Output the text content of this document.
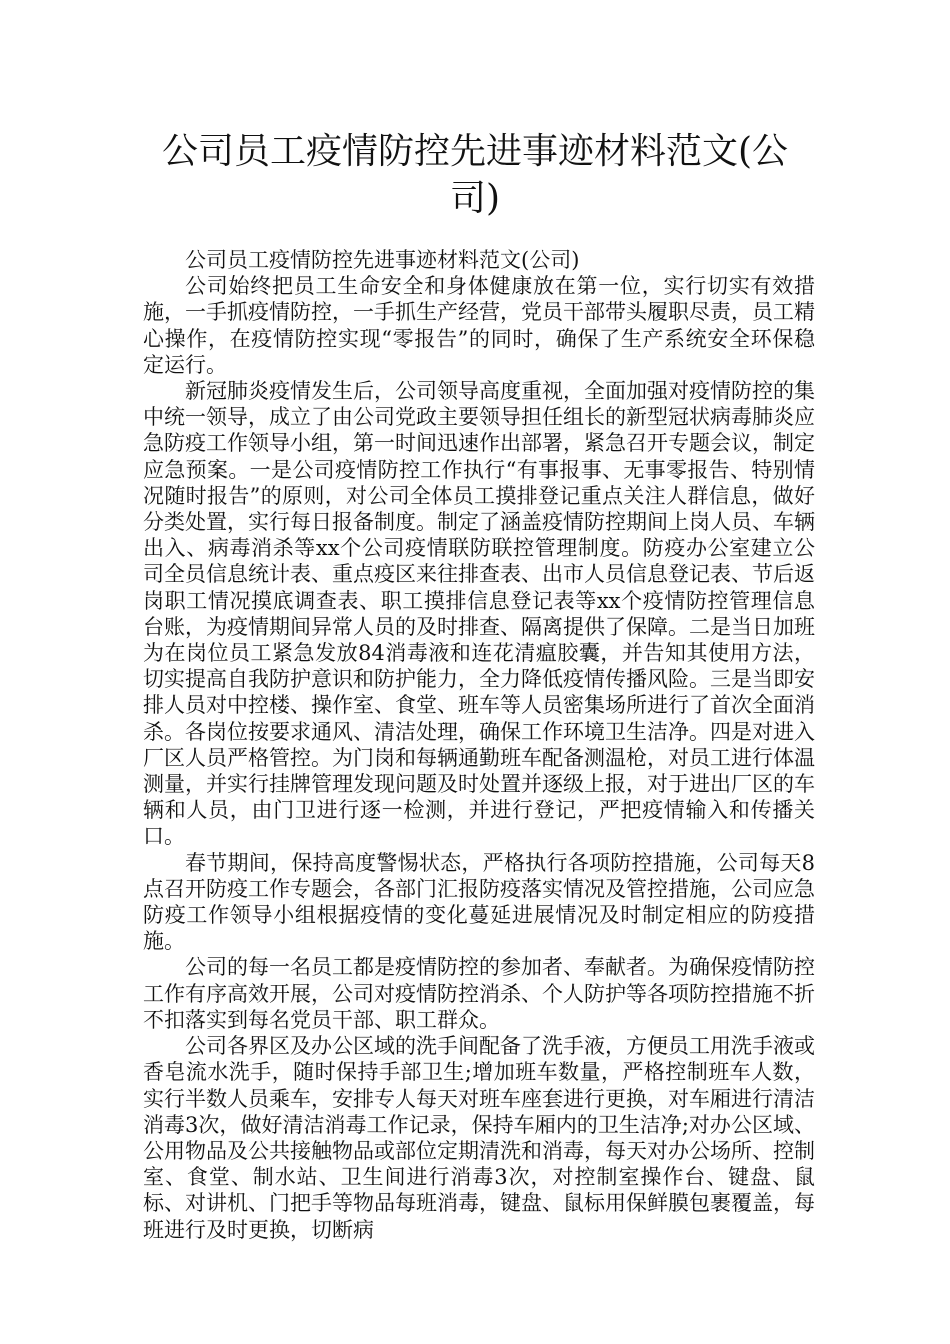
公司员工疫情防控先进事迹材料范文(公司)

公司员工疫情防控先进事迹材料范文(公司)

公司始终把员工生命安全和身体健康放在第一位，实行切实有效措施，一手抓疫情防控，一手抓生产经营，党员干部带头履职尽责，员工精心操作，在疫情防控实现“零报告”的同时，确保了生产系统安全环保稳定运行。

新冠肺炎疫情发生后，公司领导高度重视，全面加强对疫情防控的集中统一领导，成立了由公司党政主要领导担任组长的新型冠状病毒肺炎应急防疫工作领导小组，第一时间迅速作出部署，紧急召开专题会议，制定应急预案。一是公司疫情防控工作执行“有事报事、无事零报告、特别情况随时报告”的原则，对公司全体员工摸排登记重点关注人群信息，做好分类处置，实行每日报备制度。制定了涵盖疫情防控期间上岗人员、车辆出入、病毒消杀等xx个公司疫情联防联控管理制度。防疫办公室建立公司全员信息统计表、重点疫区来往排查表、出市人员信息登记表、节后返岗职工情况摸底调查表、职工摸排信息登记表等xx个疫情防控管理信息台账，为疫情期间异常人员的及时排查、隔离提供了保障。二是当日加班为在岗位员工紧急发放84消毒液和连花清瘟胶囊，并告知其使用方法，切实提高自我防护意识和防护能力，全力降低疫情传播风险。三是当即安排人员对中控楼、操作室、食堂、班车等人员密集场所进行了首次全面消杀。各岗位按要求通风、清洁处理，确保工作环境卫生洁净。四是对进入厂区人员严格管控。为门岗和每辆通勤班车配备测温枪，对员工进行体温测量，并实行挂牌管理发现问题及时处置并逐级上报，对于进出厂区的车辆和人员，由门卫进行逐一检测，并进行登记，严把疫情输入和传播关口。

春节期间，保持高度警惕状态，严格执行各项防控措施，公司每天8点召开防疫工作专题会，各部门汇报防疫落实情况及管控措施，公司应急防疫工作领导小组根据疫情的变化蔓延进展情况及时制定相应的防疫措施。

公司的每一名员工都是疫情防控的参加者、奉献者。为确保疫情防控工作有序高效开展，公司对疫情防控消杀、个人防护等各项防控措施不折不扣落实到每名党员干部、职工群众。

公司各界区及办公区域的洗手间配备了洗手液，方便员工用洗手液或香皂流水洗手，随时保持手部卫生;增加班车数量，严格控制班车人数，实行半数人员乘车，安排专人每天对班车座套进行更换，对车厢进行清洁消毒3次，做好清洁消毒工作记录，保持车厢内的卫生洁净;对办公区域、公用物品及公共接触物品或部位定期清洗和消毒，每天对办公场所、控制室、食堂、制水站、卫生间进行消毒3次，对控制室操作台、键盘、鼠标、对讲机、门把手等物品每班消毒，键盘、鼠标用保鲜膜包裹覆盖，每班进行及时更换，切断病
